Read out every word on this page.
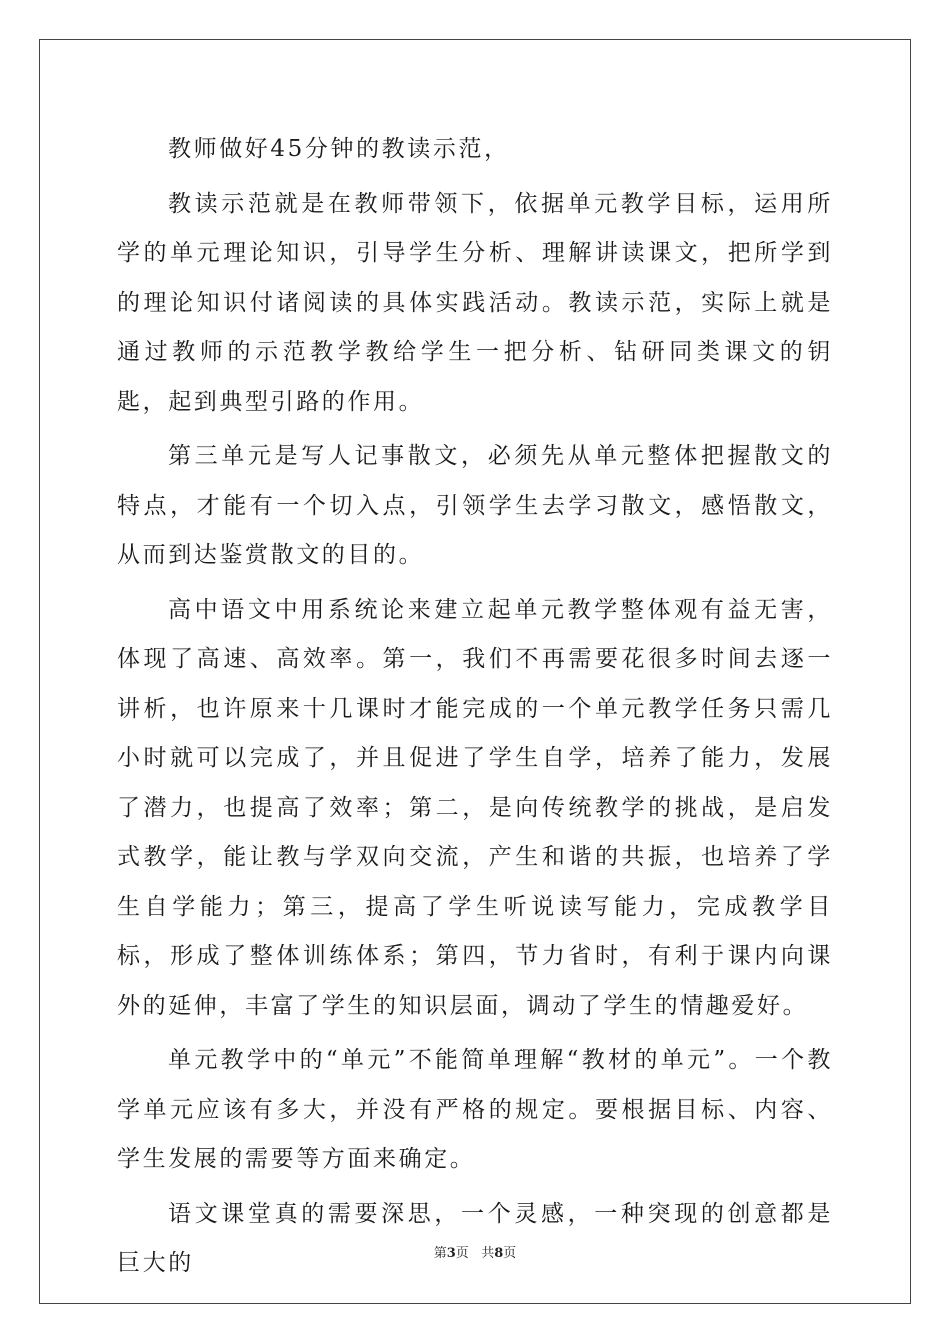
教师做好45分钟的教读示范，

教读示范就是在教师带领下，依据单元教学目标，运用所学的单元理论知识，引导学生分析、理解讲读课文，把所学到的理论知识付诸阅读的具体实践活动。教读示范，实际上就是通过教师的示范教学教给学生一把分析、钻研同类课文的钥匙，起到典型引路的作用。

第三单元是写人记事散文，必须先从单元整体把握散文的特点，才能有一个切入点，引领学生去学习散文，感悟散文，从而到达鉴赏散文的目的。

高中语文中用系统论来建立起单元教学整体观有益无害，体现了高速、高效率。第一，我们不再需要花很多时间去逐一讲析，也许原来十几课时才能完成的一个单元教学任务只需几小时就可以完成了，并且促进了学生自学，培养了能力，发展了潜力，也提高了效率；第二，是向传统教学的挑战，是启发式教学，能让教与学双向交流，产生和谐的共振，也培养了学生自学能力；第三，提高了学生听说读写能力，完成教学目标，形成了整体训练体系；第四，节力省时，有利于课内向课外的延伸，丰富了学生的知识层面，调动了学生的情趣爱好。

单元教学中的“单元”不能简单理解“教材的单元”。一个教学单元应该有多大，并没有严格的规定。要根据目标、内容、学生发展的需要等方面来确定。

语文课堂真的需要深思，一个灵感，一种突现的创意都是巨大的	第3页 共8页
